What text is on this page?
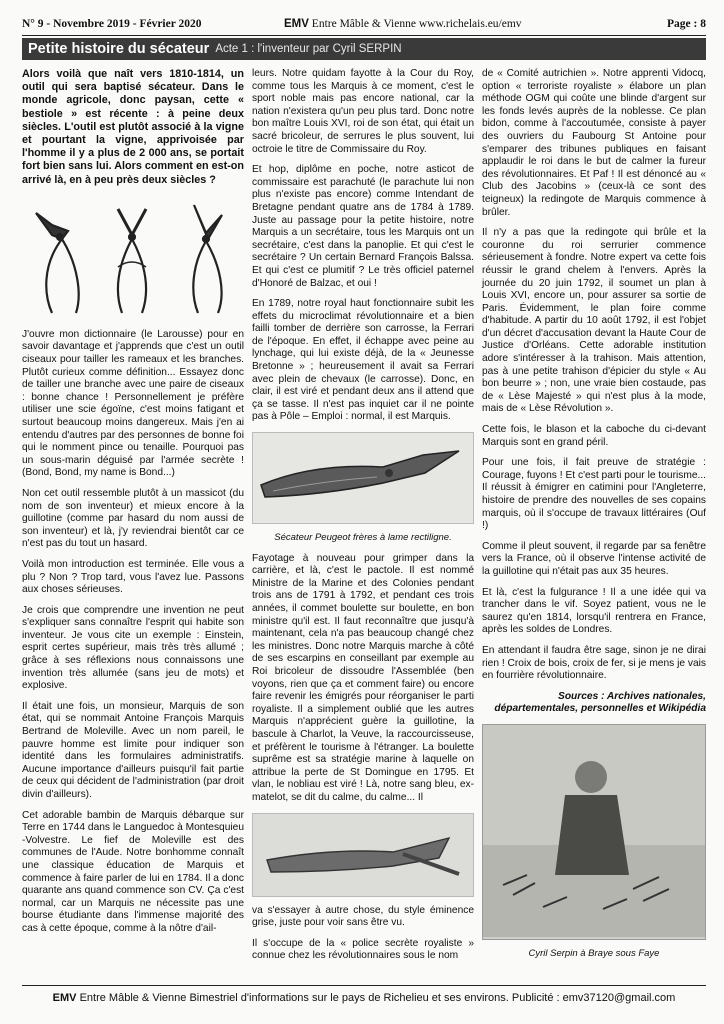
N° 9 - Novembre 2019 - Février 2020	EMV Entre Mâble & Vienne www.richelais.eu/emv	Page : 8
Petite histoire du sécateur Acte 1 : l'inventeur par Cyril SERPIN

Alors voilà que naît vers 1810-1814, un outil qui sera baptisé sécateur. Dans le monde agricole, donc paysan, cette « bestiole » est récente : à peine deux siècles. L'outil est plutôt associé à la vigne et pourtant la vigne, apprivoisée par l'homme il y a plus de 2 000 ans, se portait fort bien sans lui. Alors comment en est-on arrivé là, en à peu près deux siècles ?

J'ouvre mon dictionnaire (le Larousse) pour en savoir davantage et j'apprends que c'est un outil ciseaux pour tailler les rameaux et les branches. Plutôt curieux comme définition... Essayez donc de tailler une branche avec une paire de ciseaux : bonne chance ! Personnellement je préfère utiliser une scie égoïne, c'est moins fatigant et surtout beaucoup moins dangereux. Mais j'en ai entendu d'autres par des personnes de bonne foi qui le nomment pince ou tenaille. Pourquoi pas un sous-marin déguisé par l'armée secrète ! (Bond, Bond, my name is Bond...)

Non cet outil ressemble plutôt à un massicot (du nom de son inventeur) et mieux encore à la guillotine (comme par hasard du nom aussi de son inventeur) et là, j'y reviendrai bientôt car ce n'est pas du tout un hasard.

Voilà mon introduction est terminée. Elle vous a plu ? Non ? Trop tard, vous l'avez lue. Passons aux choses sérieuses.

Je crois que comprendre une invention ne peut s'expliquer sans connaître l'esprit qui habite son inventeur. Je vous cite un exemple : Einstein, esprit certes supérieur, mais très très allumé ; grâce à ses réflexions nous connaissons une invention très allumée (sans jeu de mots) et explosive.

Il était une fois, un monsieur, Marquis de son état, qui se nommait Antoine François Marquis Bertrand de Moleville. Avec un nom pareil, le pauvre homme est limite pour indiquer son identité dans les formulaires administratifs. Aucune importance d'ailleurs puisqu'il fait partie de ceux qui décident de l'administration (par droit divin d'ailleurs).

Cet adorable bambin de Marquis débarque sur Terre en 1744 dans le Languedoc à Montesquieu -Volvestre. Le fief de Moleville est des communes de l'Aude. Notre bonhomme connaît une classique éducation de Marquis et commence à faire parler de lui en 1784. Il a donc quarante ans quand commence son CV. Ça c'est normal, car un Marquis ne nécessite pas une bourse étudiante dans l'immense majorité des cas à cette époque, comme à la nôtre d'ail-

leurs. Notre quidam fayotte à la Cour du Roy, comme tous les Marquis à ce moment, c'est le sport noble mais pas encore national, car la nation n'existera qu'un peu plus tard. Donc notre bon maître Louis XVI, roi de son état, qui était un sacré bricoleur, de serrures le plus souvent, lui octroie le titre de Commissaire du Roy.

Et hop, diplôme en poche, notre asticot de commissaire est parachuté (le parachute lui non plus n'existe pas encore) comme Intendant de Bretagne pendant quatre ans de 1784 à 1789. Juste au passage pour la petite histoire, notre Marquis a un secrétaire, tous les Marquis ont un secrétaire, c'est dans la panoplie. Et qui c'est le secrétaire ? Un certain Bernard François Balssa. Et qui c'est ce plumitif ? Le très officiel paternel d'Honoré de Balzac, et oui !

En 1789, notre royal haut fonctionnaire subit les effets du microclimat révolutionnaire et a bien failli tomber de derrière son carrosse, la Ferrari de l'époque. En effet, il échappe avec peine au lynchage, qui lui existe déjà, de la « Jeunesse Bretonne » ; heureusement il avait sa Ferrari avec plein de chevaux (le carrosse). Donc, en clair, il est viré et pendant deux ans il attend que ça se tasse. Il n'est pas inquiet car il ne pointe pas à Pôle – Emploi : normal, il est Marquis.

Sécateur Peugeot frères à lame rectiligne.

Fayotage à nouveau pour grimper dans la carrière, et là, c'est le pactole. Il est nommé Ministre de la Marine et des Colonies pendant trois ans de 1791 à 1792, et pendant ces trois années, il commet boulette sur boulette, en bon ministre qu'il est. Il faut reconnaître que jusqu'à maintenant, cela n'a pas beaucoup changé chez les ministres. Donc notre Marquis marche à côté de ses escarpins en conseillant par exemple au Roi bricoleur de dissoudre l'Assemblée (ben voyons, rien que ça et comment faire) ou encore faire revenir les émigrés pour réorganiser le parti royaliste. Il a simplement oublié que les autres Marquis n'apprécient guère la guillotine, la bascule à Charlot, la Veuve, la raccourcisseuse, et préfèrent le tourisme à l'étranger. La boulette suprême est sa stratégie marine à laquelle on attribue la perte de St Domingue en 1795. Et vlan, le nobliau est viré ! Là, notre sang bleu, ex-matelot, se dit du calme, du calme... Il

va s'essayer à autre chose, du style éminence grise, juste pour voir sans être vu.

Il s'occupe de la « police secrète royaliste » connue chez les révolutionnaires sous le nom

de « Comité autrichien ». Notre apprenti Vidocq, option « terroriste royaliste » élabore un plan méthode OGM qui coûte une blinde d'argent sur les fonds levés auprès de la noblesse. Ce plan bidon, comme à l'accoutumée, consiste à payer des ouvriers du Faubourg St Antoine pour s'emparer des tribunes publiques en faisant applaudir le roi dans le but de calmer la fureur des révolutionnaires. Et Paf ! Il est dénoncé au « Club des Jacobins » (ceux-là ce sont des teigneux) la redingote de Marquis commence à brûler.

Il n'y a pas que la redingote qui brûle et la couronne du roi serrurier commence sérieusement à fondre. Notre expert va cette fois réussir le grand chelem à l'envers. Après la journée du 20 juin 1792, il soumet un plan à Louis XVI, encore un, pour assurer sa sortie de Paris. Évidemment, le plan foire comme d'habitude. A partir du 10 août 1792, il est l'objet d'un décret d'accusation devant la Haute Cour de Justice d'Orléans. Cette adorable institution adore s'intéresser à la trahison. Mais attention, pas à une petite trahison d'épicier du style « Au bon beurre » ; non, une vraie bien costaude, pas de « Lèse Majesté » qui n'est plus à la mode, mais de « Lèse Révolution ».

Cette fois, le blason et la caboche du ci-devant Marquis sont en grand péril.

Pour une fois, il fait preuve de stratégie : Courage, fuyons ! Et c'est parti pour le tourisme... Il réussit à émigrer en catimini pour l'Angleterre, histoire de prendre des nouvelles de ses copains marquis, où il s'occupe de travaux littéraires (Ouf !)

Comme il pleut souvent, il regarde par sa fenêtre vers la France, où il observe l'intense activité de la guillotine qui n'était pas aux 35 heures.

Et là, c'est la fulgurance ! Il a une idée qui va trancher dans le vif. Soyez patient, vous ne le saurez qu'en 1814, lorsqu'il rentrera en France, après les soldes de Londres.

En attendant il faudra être sage, sinon je ne dirai rien ! Croix de bois, croix de fer, si je mens je vais en fourrière révolutionnaire.

Sources : Archives nationales, départementales, personnelles et Wikipédia

Cyril Serpin à Braye sous Faye

EMV Entre Mâble & Vienne Bimestriel d'informations sur le pays de Richelieu et ses environs. Publicité : emv37120@gmail.com
